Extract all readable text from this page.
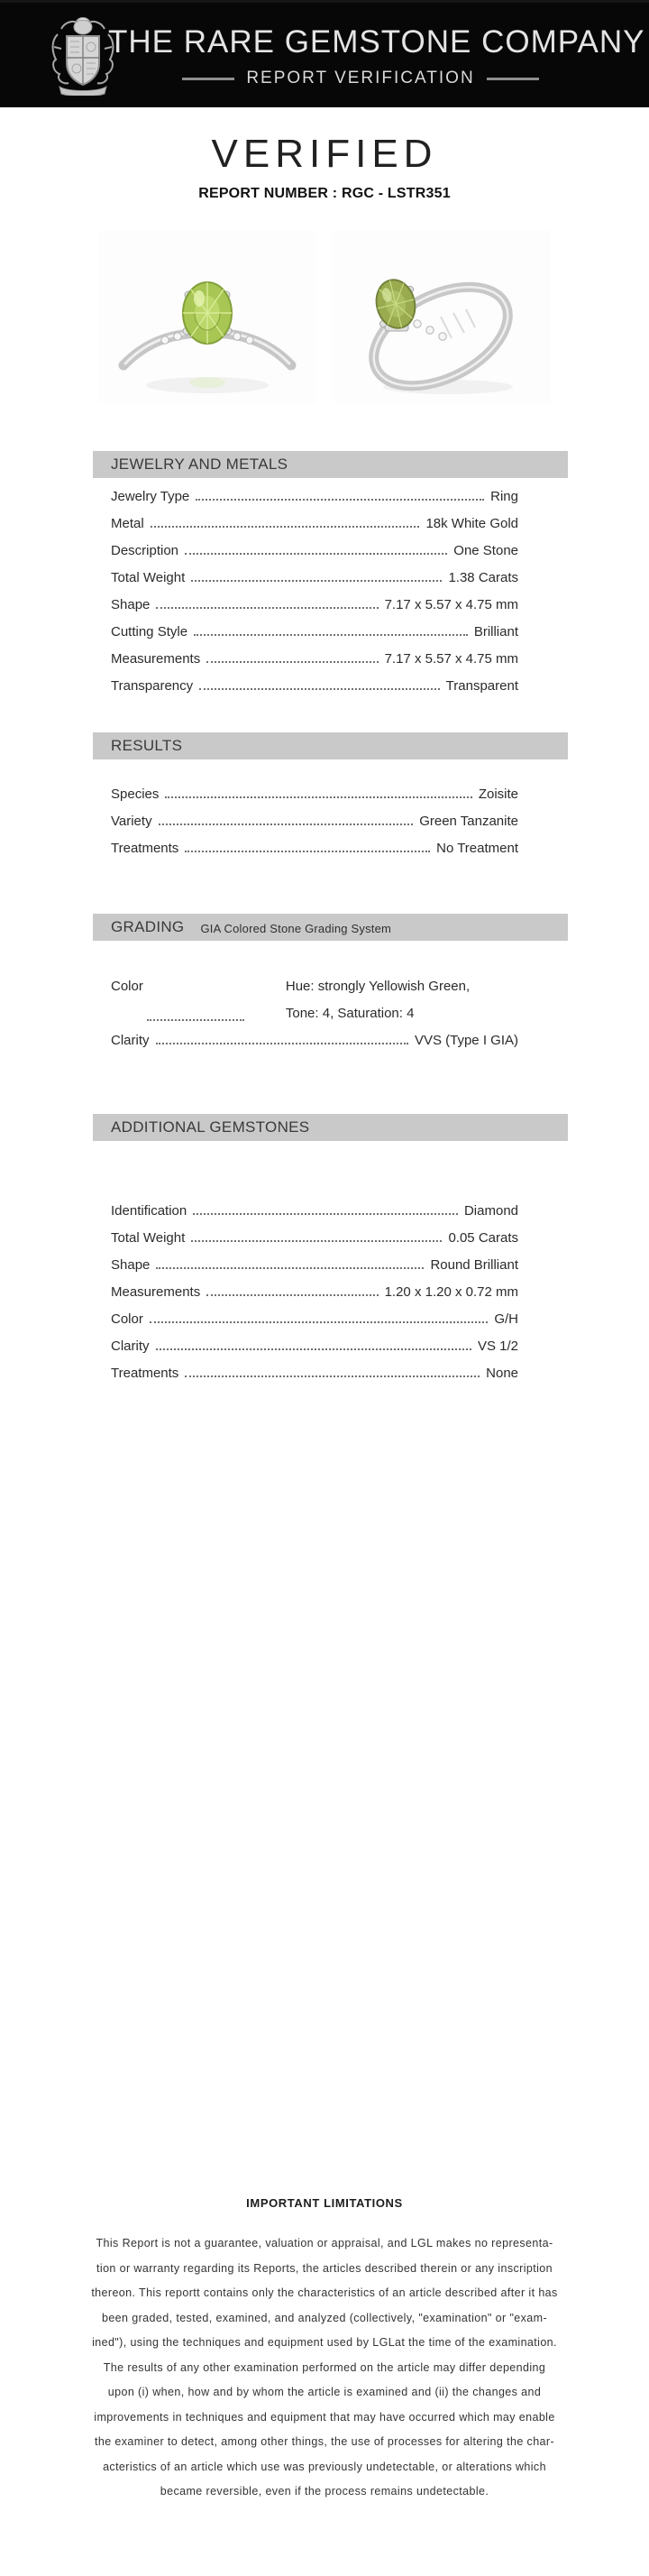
THE RARE GEMSTONE COMPANY
REPORT VERIFICATION
VERIFIED
REPORT NUMBER : RGC - LSTR351
JEWELRY AND METALS
Jewelry Type	Ring
Metal	18k White Gold
Description	One Stone
Total Weight	1.38 Carats
Shape	7.17 x 5.57 x 4.75 mm
Cutting Style	Brilliant
Measurements	7.17 x 5.57 x 4.75 mm
Transparency	Transparent
RESULTS
Species	Zoisite
Variety	Green Tanzanite
Treatments	No Treatment
GRADING GIA Colored Stone Grading System
Color	Hue: strongly Yellowish Green,
Tone: 4, Saturation: 4
Clarity	VVS (Type I GIA)
ADDITIONAL GEMSTONES
Identification	Diamond
Total Weight	0.05 Carats
Shape	Round Brilliant
Measurements	1.20 x 1.20 x 0.72 mm
Color	G/H
Clarity	VS 1/2
Treatments	None
IMPORTANT LIMITATIONS
This Report is not a guarantee, valuation or appraisal, and LGL makes no representa-
tion or warranty regarding its Reports, the articles described therein or any inscription
thereon. This reportt contains only the characteristics of an article described after it has
been graded, tested, examined, and analyzed (collectively, "examination" or "exam-
ined"), using the techniques and equipment used by LGLat the time of the examination.
The results of any other examination performed on the article may differ depending
upon (i) when, how and by whom the article is examined and (ii) the changes and
improvements in techniques and equipment that may have occurred which may enable
the examiner to detect, among other things, the use of processes for altering the char-
acteristics of an article which use was previously undetectable, or alterations which
became reversible, even if the process remains undetectable.
